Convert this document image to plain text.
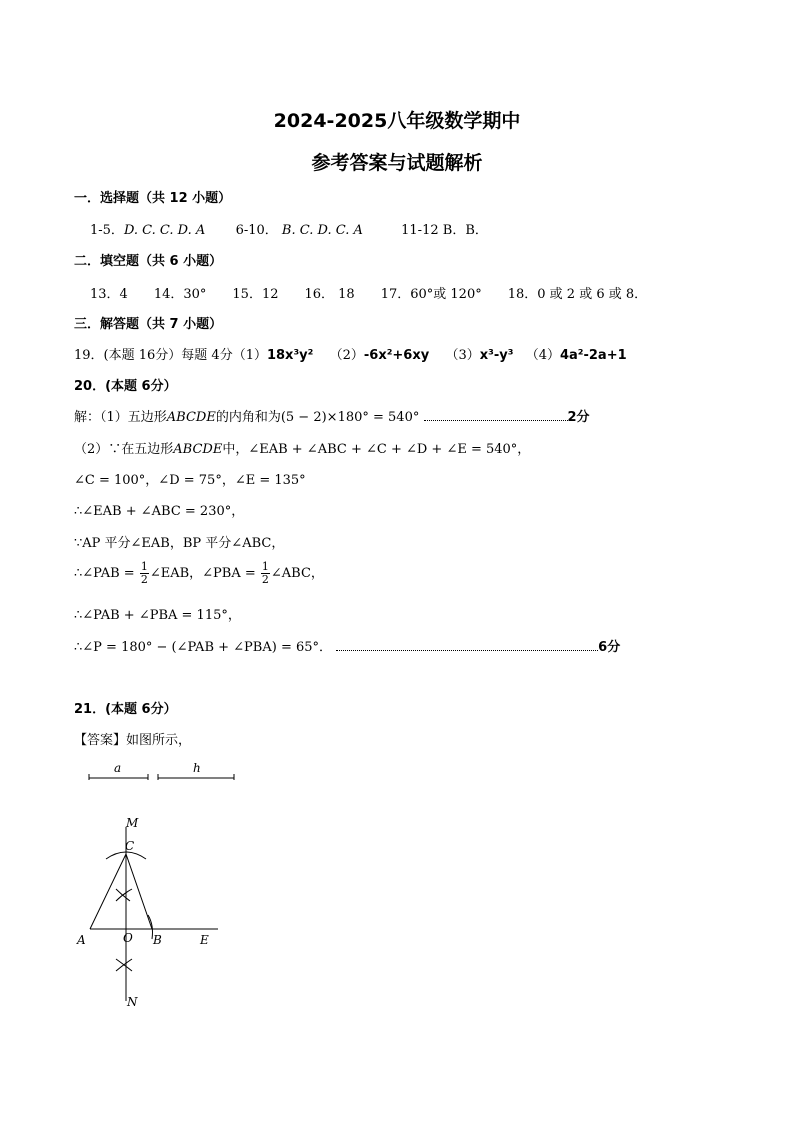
2024-2025八年级数学期中
参考答案与试题解析
一．选择题（共 12 小题）
1-5．D. C. C. D. A 6-10． B. C. D. C. A	11-12 B．B．
二．填空题（共 6 小题）
13．4　　14．30°　　15．12　　16． 18　　17．60°或 120°　　18．0 或 2 或 6 或 8．
三．解答题（共 7 小题）
19．(本题 16分）每题 4分（1）18x³y² （2）-6x²+6xy （3）x³-y³ （4）4a²-2a+1
20．(本题 6分）
解：（1）五边形ABCDE的内角和为(5 − 2)×180° = 540°	2分
（2）∵在五边形ABCDE中，∠EAB + ∠ABC + ∠C + ∠D + ∠E = 540°，
∠C = 100°，∠D = 75°，∠E = 135°
∴∠EAB + ∠ABC = 230°，
∵AP 平分∠EAB，BP 平分∠ABC，
∴∠PAB = $\frac{1}{2}$ ∠EAB，∠PBA = $\frac{1}{2}$ ∠ABC，
∴∠PAB + ∠PBA = 115°，
∴∠P = 180° − (∠PAB + ∠PBA) = 65°．	6分
21．(本题 6分）
【答案】如图所示，
a	h
M
C
A	O B	E
N
